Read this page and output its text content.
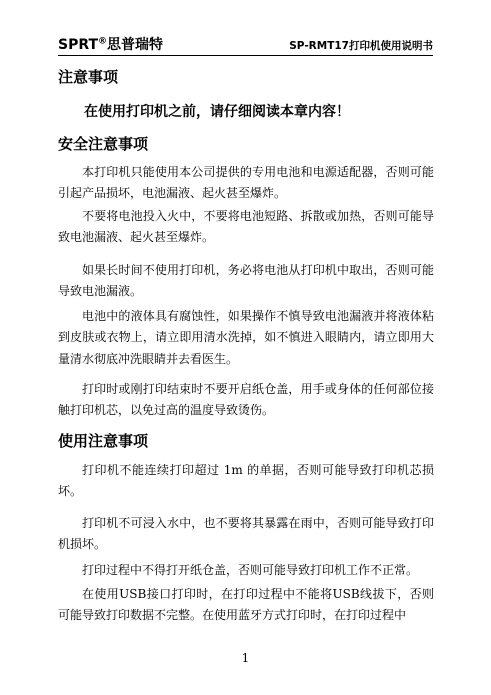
SPRT®思普瑞特	SP-RMT17打印机使用说明书
注意事项

在使用打印机之前，请仔细阅读本章内容！

安全注意事项

本打印机只能使用本公司提供的专用电池和电源适配器，否则可能引起产品损坏，电池漏液、起火甚至爆炸。

不要将电池投入火中，不要将电池短路、拆散或加热，否则可能导致电池漏液、起火甚至爆炸。

如果长时间不使用打印机，务必将电池从打印机中取出，否则可能导致电池漏液。

电池中的液体具有腐蚀性，如果操作不慎导致电池漏液并将液体粘到皮肤或衣物上，请立即用清水洗掉，如不慎进入眼睛内，请立即用大量清水彻底冲洗眼睛并去看医生。

打印时或刚打印结束时不要开启纸仓盖，用手或身体的任何部位接触打印机芯，以免过高的温度导致烫伤。

使用注意事项

打印机不能连续打印超过 1m 的单据，否则可能导致打印机芯损坏。

打印机不可浸入水中，也不要将其暴露在雨中，否则可能导致打印机损坏。

打印过程中不得打开纸仓盖，否则可能导致打印机工作不正常。

在使用USB接口打印时，在打印过程中不能将USB线拔下，否则可能导致打印数据不完整。在使用蓝牙方式打印时，在打印过程中

1
